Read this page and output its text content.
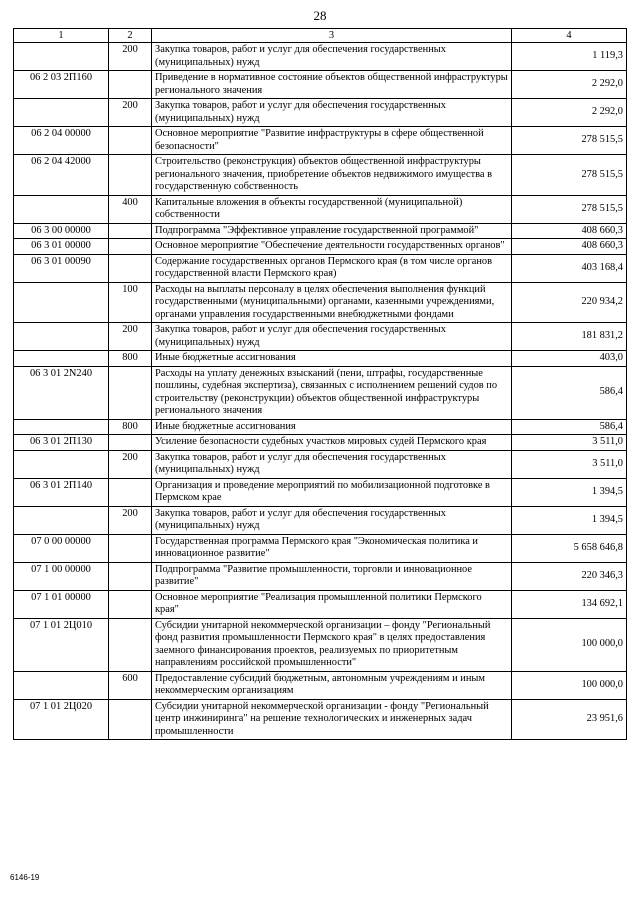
28
1	2	3	4
	200	Закупка товаров, работ и услуг для обеспечения государственных (муниципальных) нужд	1 119,3
06 2 03 2П160		Приведение в нормативное состояние объектов общественной инфраструктуры регионального значения	2 292,0
	200	Закупка товаров, работ и услуг для обеспечения государственных (муниципальных) нужд	2 292,0
06 2 04 00000		Основное мероприятие "Развитие инфраструктуры в сфере общественной безопасности"	278 515,5
06 2 04 42000		Строительство (реконструкция) объектов общественной инфраструктуры регионального значения, приобретение объектов недвижимого имущества в государственную собственность	278 515,5
	400	Капитальные вложения в объекты государственной (муниципальной) собственности	278 515,5
06 3 00 00000		Подпрограмма "Эффективное управление государственной программой"	408 660,3
06 3 01 00000		Основное мероприятие "Обеспечение деятельности государственных органов"	408 660,3
06 3 01 00090		Содержание государственных органов Пермского края (в том числе органов государственной власти Пермского края)	403 168,4
	100	Расходы на выплаты персоналу в целях обеспечения выполнения функций государственными (муниципальными) органами, казенными учреждениями, органами управления государственными внебюджетными фондами	220 934,2
	200	Закупка товаров, работ и услуг для обеспечения государственных (муниципальных) нужд	181 831,2
	800	Иные бюджетные ассигнования	403,0
06 3 01 2N240		Расходы на уплату денежных взысканий (пени, штрафы, государственные пошлины, судебная экспертиза), связанных с исполнением решений судов по строительству (реконструкции) объектов общественной инфраструктуры регионального значения	586,4
	800	Иные бюджетные ассигнования	586,4
06 3 01 2П130		Усиление безопасности судебных участков мировых судей Пермского края	3 511,0
	200	Закупка товаров, работ и услуг для обеспечения государственных (муниципальных) нужд	3 511,0
06 3 01 2П140		Организация и проведение мероприятий по мобилизационной подготовке в Пермском крае	1 394,5
	200	Закупка товаров, работ и услуг для обеспечения государственных (муниципальных) нужд	1 394,5
07 0 00 00000		Государственная программа Пермского края "Экономическая политика и инновационное развитие"	5 658 646,8
07 1 00 00000		Подпрограмма "Развитие промышленности, торговли и инновационное развитие"	220 346,3
07 1 01 00000		Основное мероприятие "Реализация промышленной политики Пермского края"	134 692,1
07 1 01 2Ц010		Субсидии унитарной некоммерческой организации – фонду "Региональный фонд развития промышленности Пермского края" в целях предоставления заемного финансирования проектов, реализуемых по приоритетным направлениям российской промышленности"	100 000,0
	600	Предоставление субсидий бюджетным, автономным учреждениям и иным некоммерческим организациям	100 000,0
07 1 01 2Ц020		Субсидии унитарной некоммерческой организации - фонду "Региональный центр инжиниринга" на решение технологических и инженерных задач промышленности	23 951,6
6146-19
